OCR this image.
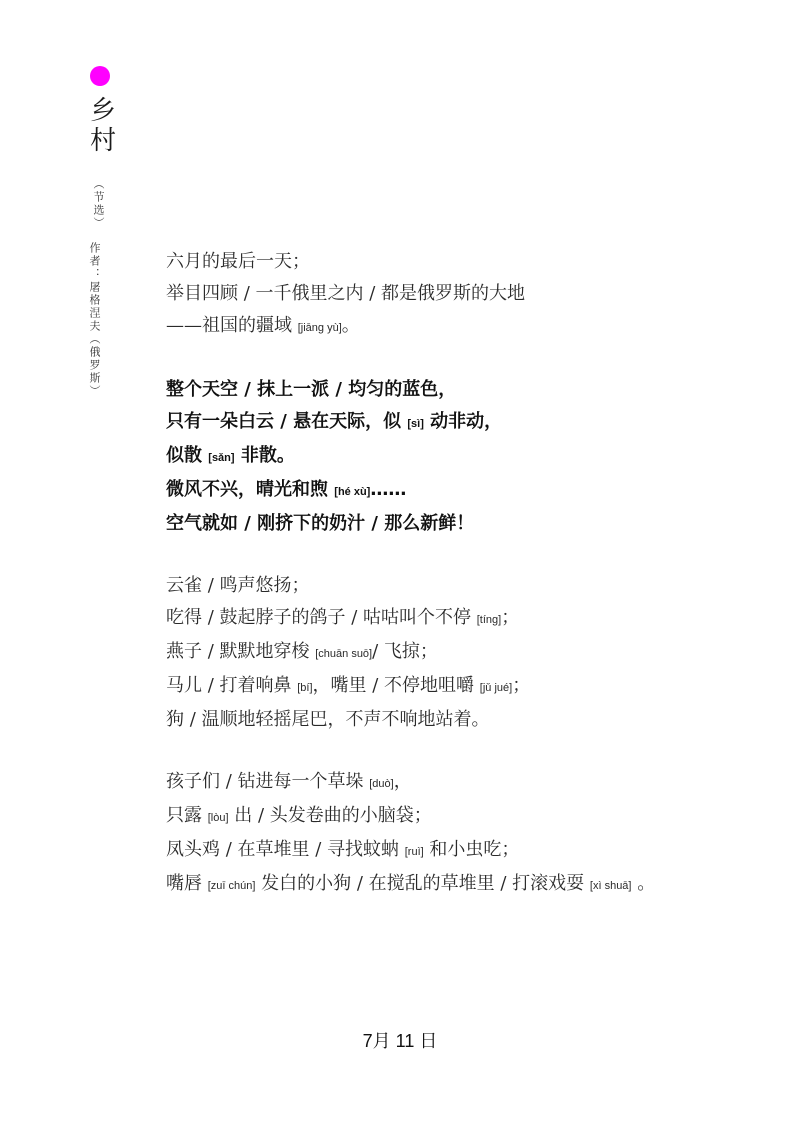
乡
村
（节选）
作者：屠格涅夫（俄罗斯）	六月的最后一天；

举目四顾 / 一千俄里之内 / 都是俄罗斯的大地

——祖国的疆域 [jiāng yù]。

整个天空 / 抹上一派 / 均匀的蓝色，

只有一朵白云 / 悬在天际，似 [sì] 动非动，

似散 [sǎn] 非散。

微风不兴，晴光和煦 [hé xù]……

空气就如 / 刚挤下的奶汁 / 那么新鲜！

云雀 / 鸣声悠扬；

吃得 / 鼓起脖子的鸽子 / 咕咕叫个不停 [tíng]；

燕子 / 默默地穿梭 [chuān suō]/ 飞掠；

马儿 / 打着响鼻 [bí]，嘴里 / 不停地咀嚼 [jǔ jué]；

狗 / 温顺地轻摇尾巴，不声不响地站着。

孩子们 / 钻进每一个草垛 [duò]，

只露 [lòu] 出 / 头发卷曲的小脑袋；

凤头鸡 / 在草堆里 / 寻找蚊蚋 [ruì] 和小虫吃；

嘴唇 [zuī chún] 发白的小狗 / 在搅乱的草堆里 / 打滚戏耍 [xì shuā] 。

7月 11 日
